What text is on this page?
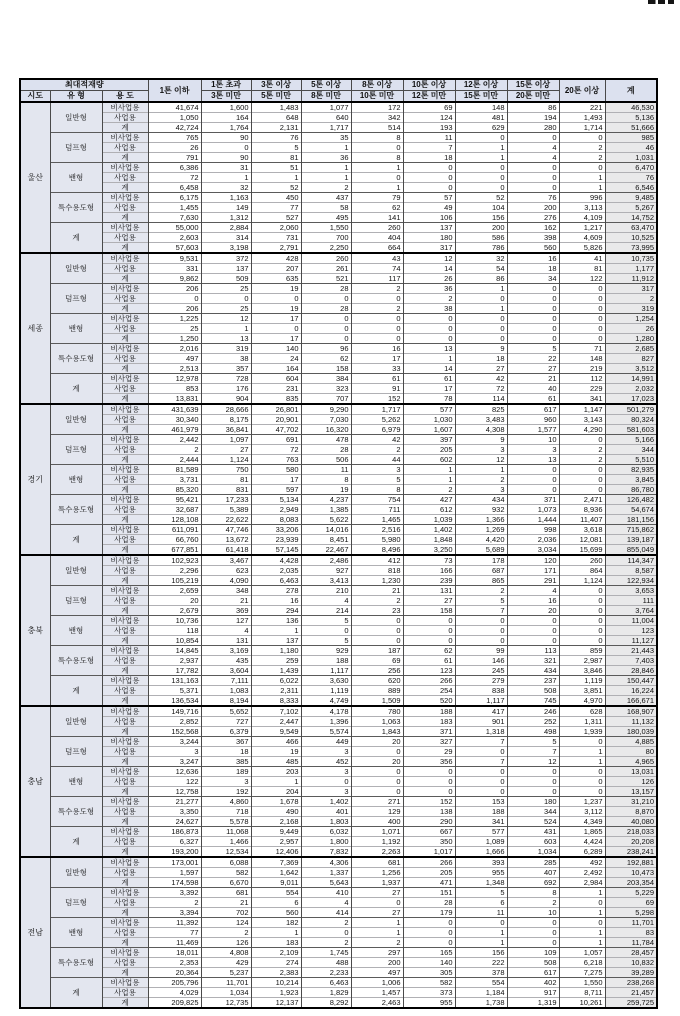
최대적재량			1톤 이하	1톤 초과	3톤 이상	5톤 이상	8톤 이상	10톤 이상	12톤 이상	15톤 이상	20톤 이상	계
시도	유 형	용 도		3톤 미만	5톤 미만	8톤 미만	10톤 미만	12톤 미만	15톤 미만	20톤 미만		
울산	일반형	비사업용	41,674	1,600	1,483	1,077	172	69	148	86	221	46,530
		사업용	1,050	164	648	640	342	124	481	194	1,493	5,136
		계	42,724	1,764	2,131	1,717	514	193	629	280	1,714	51,666
	덤프형	비사업용	765	90	76	35	8	11	0	0	0	985
		사업용	26	0	5	1	0	7	1	4	2	46
		계	791	90	81	36	8	18	1	4	2	1,031
	밴형	비사업용	6,386	31	51	1	1	0	0	0	0	6,470
		사업용	72	1	1	1	0	0	0	0	1	76
		계	6,458	32	52	2	1	0	0	0	1	6,546
	특수용도형	비사업용	6,175	1,163	450	437	79	57	52	76	996	9,485
		사업용	1,455	149	77	58	62	49	104	200	3,113	5,267
		계	7,630	1,312	527	495	141	106	156	276	4,109	14,752
	계	비사업용	55,000	2,884	2,060	1,550	260	137	200	162	1,217	63,470
		사업용	2,603	314	731	700	404	180	586	398	4,609	10,525
		계	57,603	3,198	2,791	2,250	664	317	786	560	5,826	73,995
세종	일반형	비사업용	9,531	372	428	260	43	12	32	16	41	10,735
		사업용	331	137	207	261	74	14	54	18	81	1,177
		계	9,862	509	635	521	117	26	86	34	122	11,912
	덤프형	비사업용	206	25	19	28	2	36	1	0	0	317
		사업용	0	0	0	0	0	2	0	0	0	2
		계	206	25	19	28	2	38	1	0	0	319
	밴형	비사업용	1,225	12	17	0	0	0	0	0	0	1,254
		사업용	25	1	0	0	0	0	0	0	0	26
		계	1,250	13	17	0	0	0	0	0	0	1,280
	특수용도형	비사업용	2,016	319	140	96	16	13	9	5	71	2,685
		사업용	497	38	24	62	17	1	18	22	148	827
		계	2,513	357	164	158	33	14	27	27	219	3,512
	계	비사업용	12,978	728	604	384	61	61	42	21	112	14,991
		사업용	853	176	231	323	91	17	72	40	229	2,032
		계	13,831	904	835	707	152	78	114	61	341	17,023
경기	일반형	비사업용	431,639	28,666	26,801	9,290	1,717	577	825	617	1,147	501,279
		사업용	30,340	8,175	20,901	7,030	5,262	1,030	3,483	960	3,143	80,324
		계	461,979	36,841	47,702	16,320	6,979	1,607	4,308	1,577	4,290	581,603
	덤프형	비사업용	2,442	1,097	691	478	42	397	9	10	0	5,166
		사업용	2	27	72	28	2	205	3	3	2	344
		계	2,444	1,124	763	506	44	602	12	13	2	5,510
	밴형	비사업용	81,589	750	580	11	3	1	1	0	0	82,935
		사업용	3,731	81	17	8	5	1	2	0	0	3,845
		계	85,320	831	597	19	8	2	3	0	0	86,780
	특수용도형	비사업용	95,421	17,233	5,134	4,237	754	427	434	371	2,471	126,482
		사업용	32,687	5,389	2,949	1,385	711	612	932	1,073	8,936	54,674
		계	128,108	22,622	8,083	5,622	1,465	1,039	1,366	1,444	11,407	181,156
	계	비사업용	611,091	47,746	33,206	14,016	2,516	1,402	1,269	998	3,618	715,862
		사업용	66,760	13,672	23,939	8,451	5,980	1,848	4,420	2,036	12,081	139,187
		계	677,851	61,418	57,145	22,467	8,496	3,250	5,689	3,034	15,699	855,049
충북	일반형	비사업용	102,923	3,467	4,428	2,486	412	73	178	120	260	114,347
		사업용	2,296	623	2,035	927	818	166	687	171	864	8,587
		계	105,219	4,090	6,463	3,413	1,230	239	865	291	1,124	122,934
	덤프형	비사업용	2,659	348	278	210	21	131	2	4	0	3,653
		사업용	20	21	16	4	2	27	5	16	0	111
		계	2,679	369	294	214	23	158	7	20	0	3,764
	밴형	비사업용	10,736	127	136	5	0	0	0	0	0	11,004
		사업용	118	4	1	0	0	0	0	0	0	123
		계	10,854	131	137	5	0	0	0	0	0	11,127
	특수용도형	비사업용	14,845	3,169	1,180	929	187	62	99	113	859	21,443
		사업용	2,937	435	259	188	69	61	146	321	2,987	7,403
		계	17,782	3,604	1,439	1,117	256	123	245	434	3,846	28,846
	계	비사업용	131,163	7,111	6,022	3,630	620	266	279	237	1,119	150,447
		사업용	5,371	1,083	2,311	1,119	889	254	838	508	3,851	16,224
		계	136,534	8,194	8,333	4,749	1,509	520	1,117	745	4,970	166,671
충남	일반형	비사업용	149,716	5,652	7,102	4,178	780	188	417	246	628	168,907
		사업용	2,852	727	2,447	1,396	1,063	183	901	252	1,311	11,132
		계	152,568	6,379	9,549	5,574	1,843	371	1,318	498	1,939	180,039
	덤프형	비사업용	3,244	367	466	449	20	327	7	5	0	4,885
		사업용	3	18	19	3	0	29	0	7	1	80
		계	3,247	385	485	452	20	356	7	12	1	4,965
	밴형	비사업용	12,636	189	203	3	0	0	0	0	0	13,031
		사업용	122	3	1	0	0	0	0	0	0	126
		계	12,758	192	204	3	0	0	0	0	0	13,157
	특수용도형	비사업용	21,277	4,860	1,678	1,402	271	152	153	180	1,237	31,210
		사업용	3,350	718	490	401	129	138	188	344	3,112	8,870
		계	24,627	5,578	2,168	1,803	400	290	341	524	4,349	40,080
	계	비사업용	186,873	11,068	9,449	6,032	1,071	667	577	431	1,865	218,033
		사업용	6,327	1,466	2,957	1,800	1,192	350	1,089	603	4,424	20,208
		계	193,200	12,534	12,406	7,832	2,263	1,017	1,666	1,034	6,289	238,241
전남	일반형	비사업용	173,001	6,088	7,369	4,306	681	266	393	285	492	192,881
		사업용	1,597	582	1,642	1,337	1,256	205	955	407	2,492	10,473
		계	174,598	6,670	9,011	5,643	1,937	471	1,348	692	2,984	203,354
	덤프형	비사업용	3,392	681	554	410	27	151	5	8	1	5,229
		사업용	2	21	6	4	0	28	6	2	0	69
		계	3,394	702	560	414	27	179	11	10	1	5,298
	밴형	비사업용	11,392	124	182	2	1	0	0	0	0	11,701
		사업용	77	2	1	0	1	0	1	0	1	83
		계	11,469	126	183	2	2	0	1	0	1	11,784
	특수용도형	비사업용	18,011	4,808	2,109	1,745	297	165	156	109	1,057	28,457
		사업용	2,353	429	274	488	200	140	222	508	6,218	10,832
		계	20,364	5,237	2,383	2,233	497	305	378	617	7,275	39,289
	계	비사업용	205,796	11,701	10,214	6,463	1,006	582	554	402	1,550	238,268
		사업용	4,029	1,034	1,923	1,829	1,457	373	1,184	917	8,711	21,457
		계	209,825	12,735	12,137	8,292	2,463	955	1,738	1,319	10,261	259,725
